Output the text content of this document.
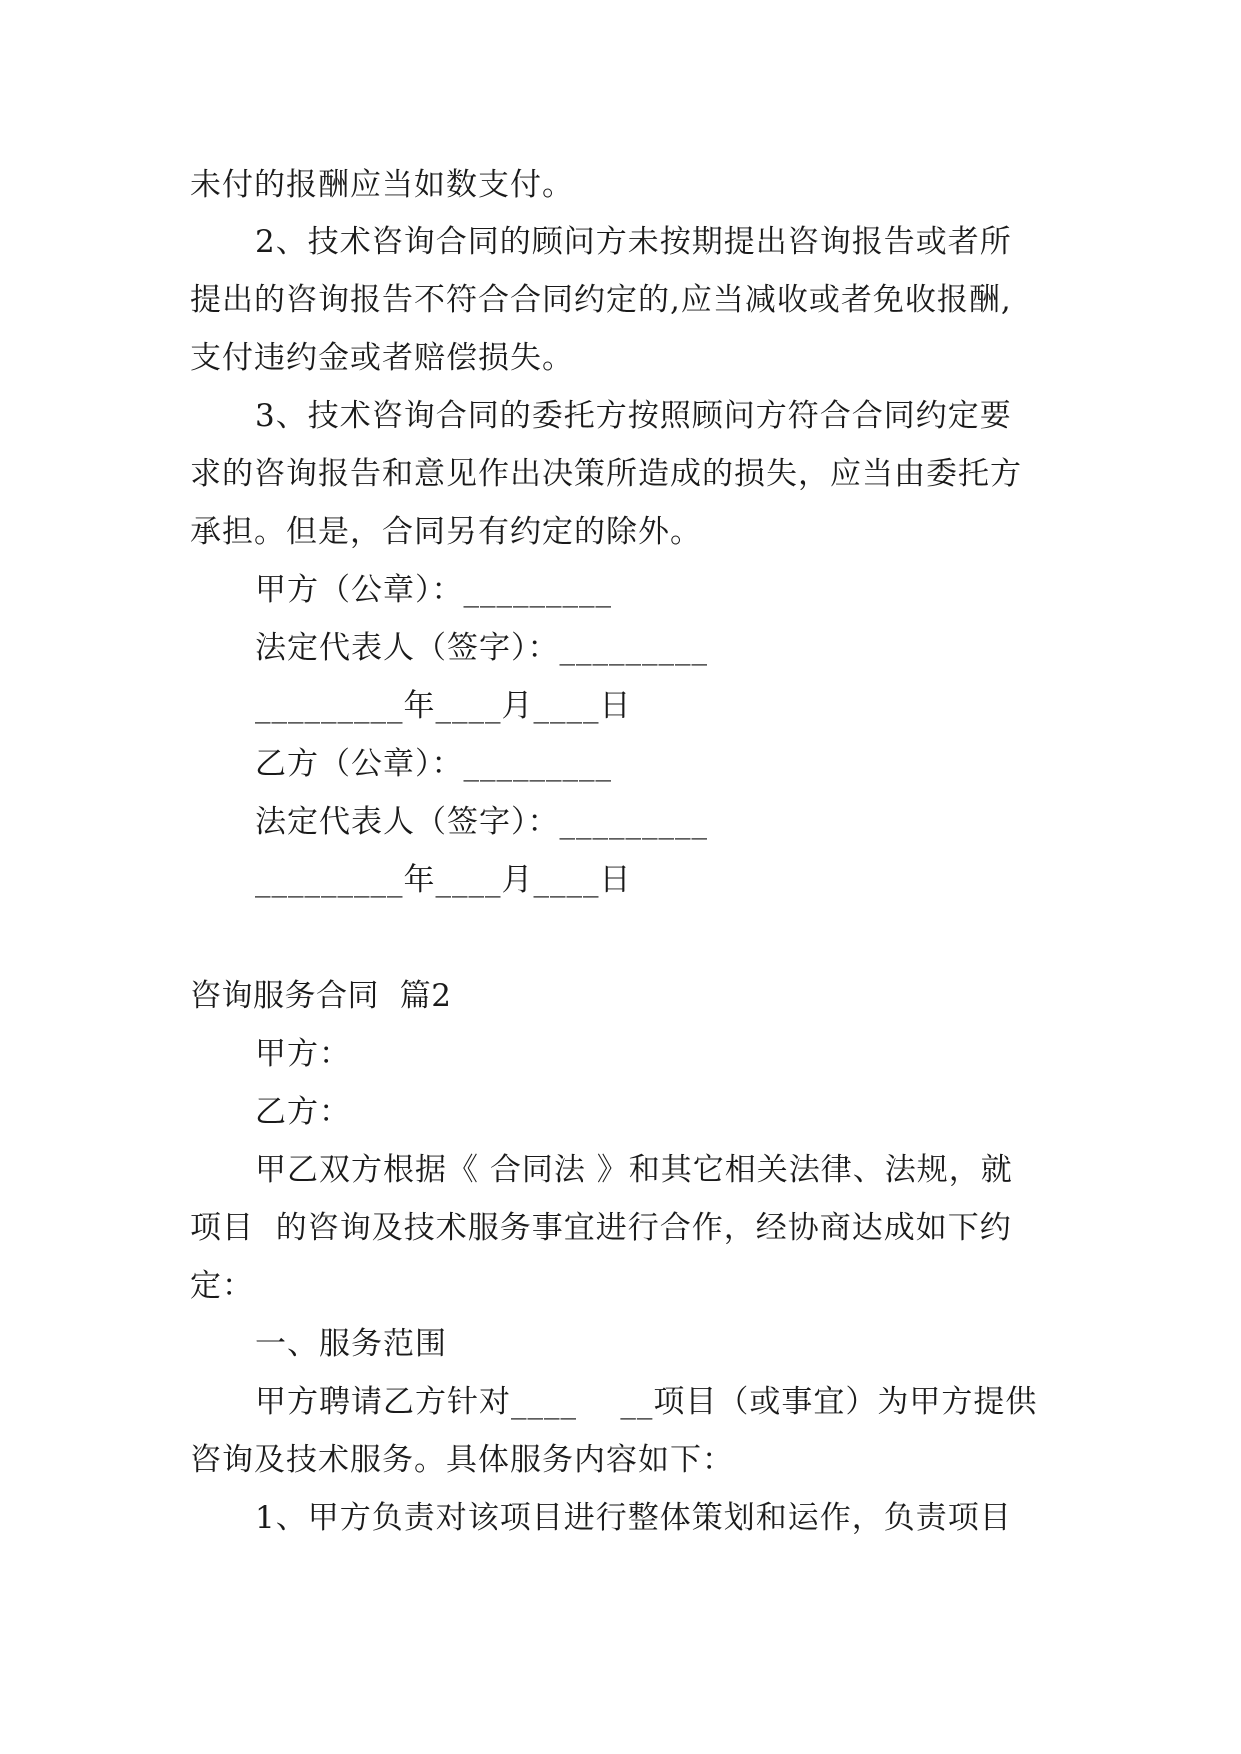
未付的报酬应当如数支付。
2、技术咨询合同的顾问方未按期提出咨询报告或者所
提出的咨询报告不符合合同约定的,应当减收或者免收报酬,
支付违约金或者赔偿损失。
3、技术咨询合同的委托方按照顾问方符合合同约定要
求的咨询报告和意见作出决策所造成的损失，应当由委托方
承担。但是，合同另有约定的除外。
甲方（公章）：_________
法定代表人（签字）：_________
_________年____月____日
乙方（公章）：_________
法定代表人（签字）：_________
_________年____月____日
咨询服务合同  篇2
甲方：
乙方：
甲乙双方根据《 合同法 》和其它相关法律、法规，就
项目  的咨询及技术服务事宜进行合作，经协商达成如下约
定：
一、服务范围
甲方聘请乙方针对____    __项目（或事宜）为甲方提供
咨询及技术服务。具体服务内容如下：
1、甲方负责对该项目进行整体策划和运作，负责项目
